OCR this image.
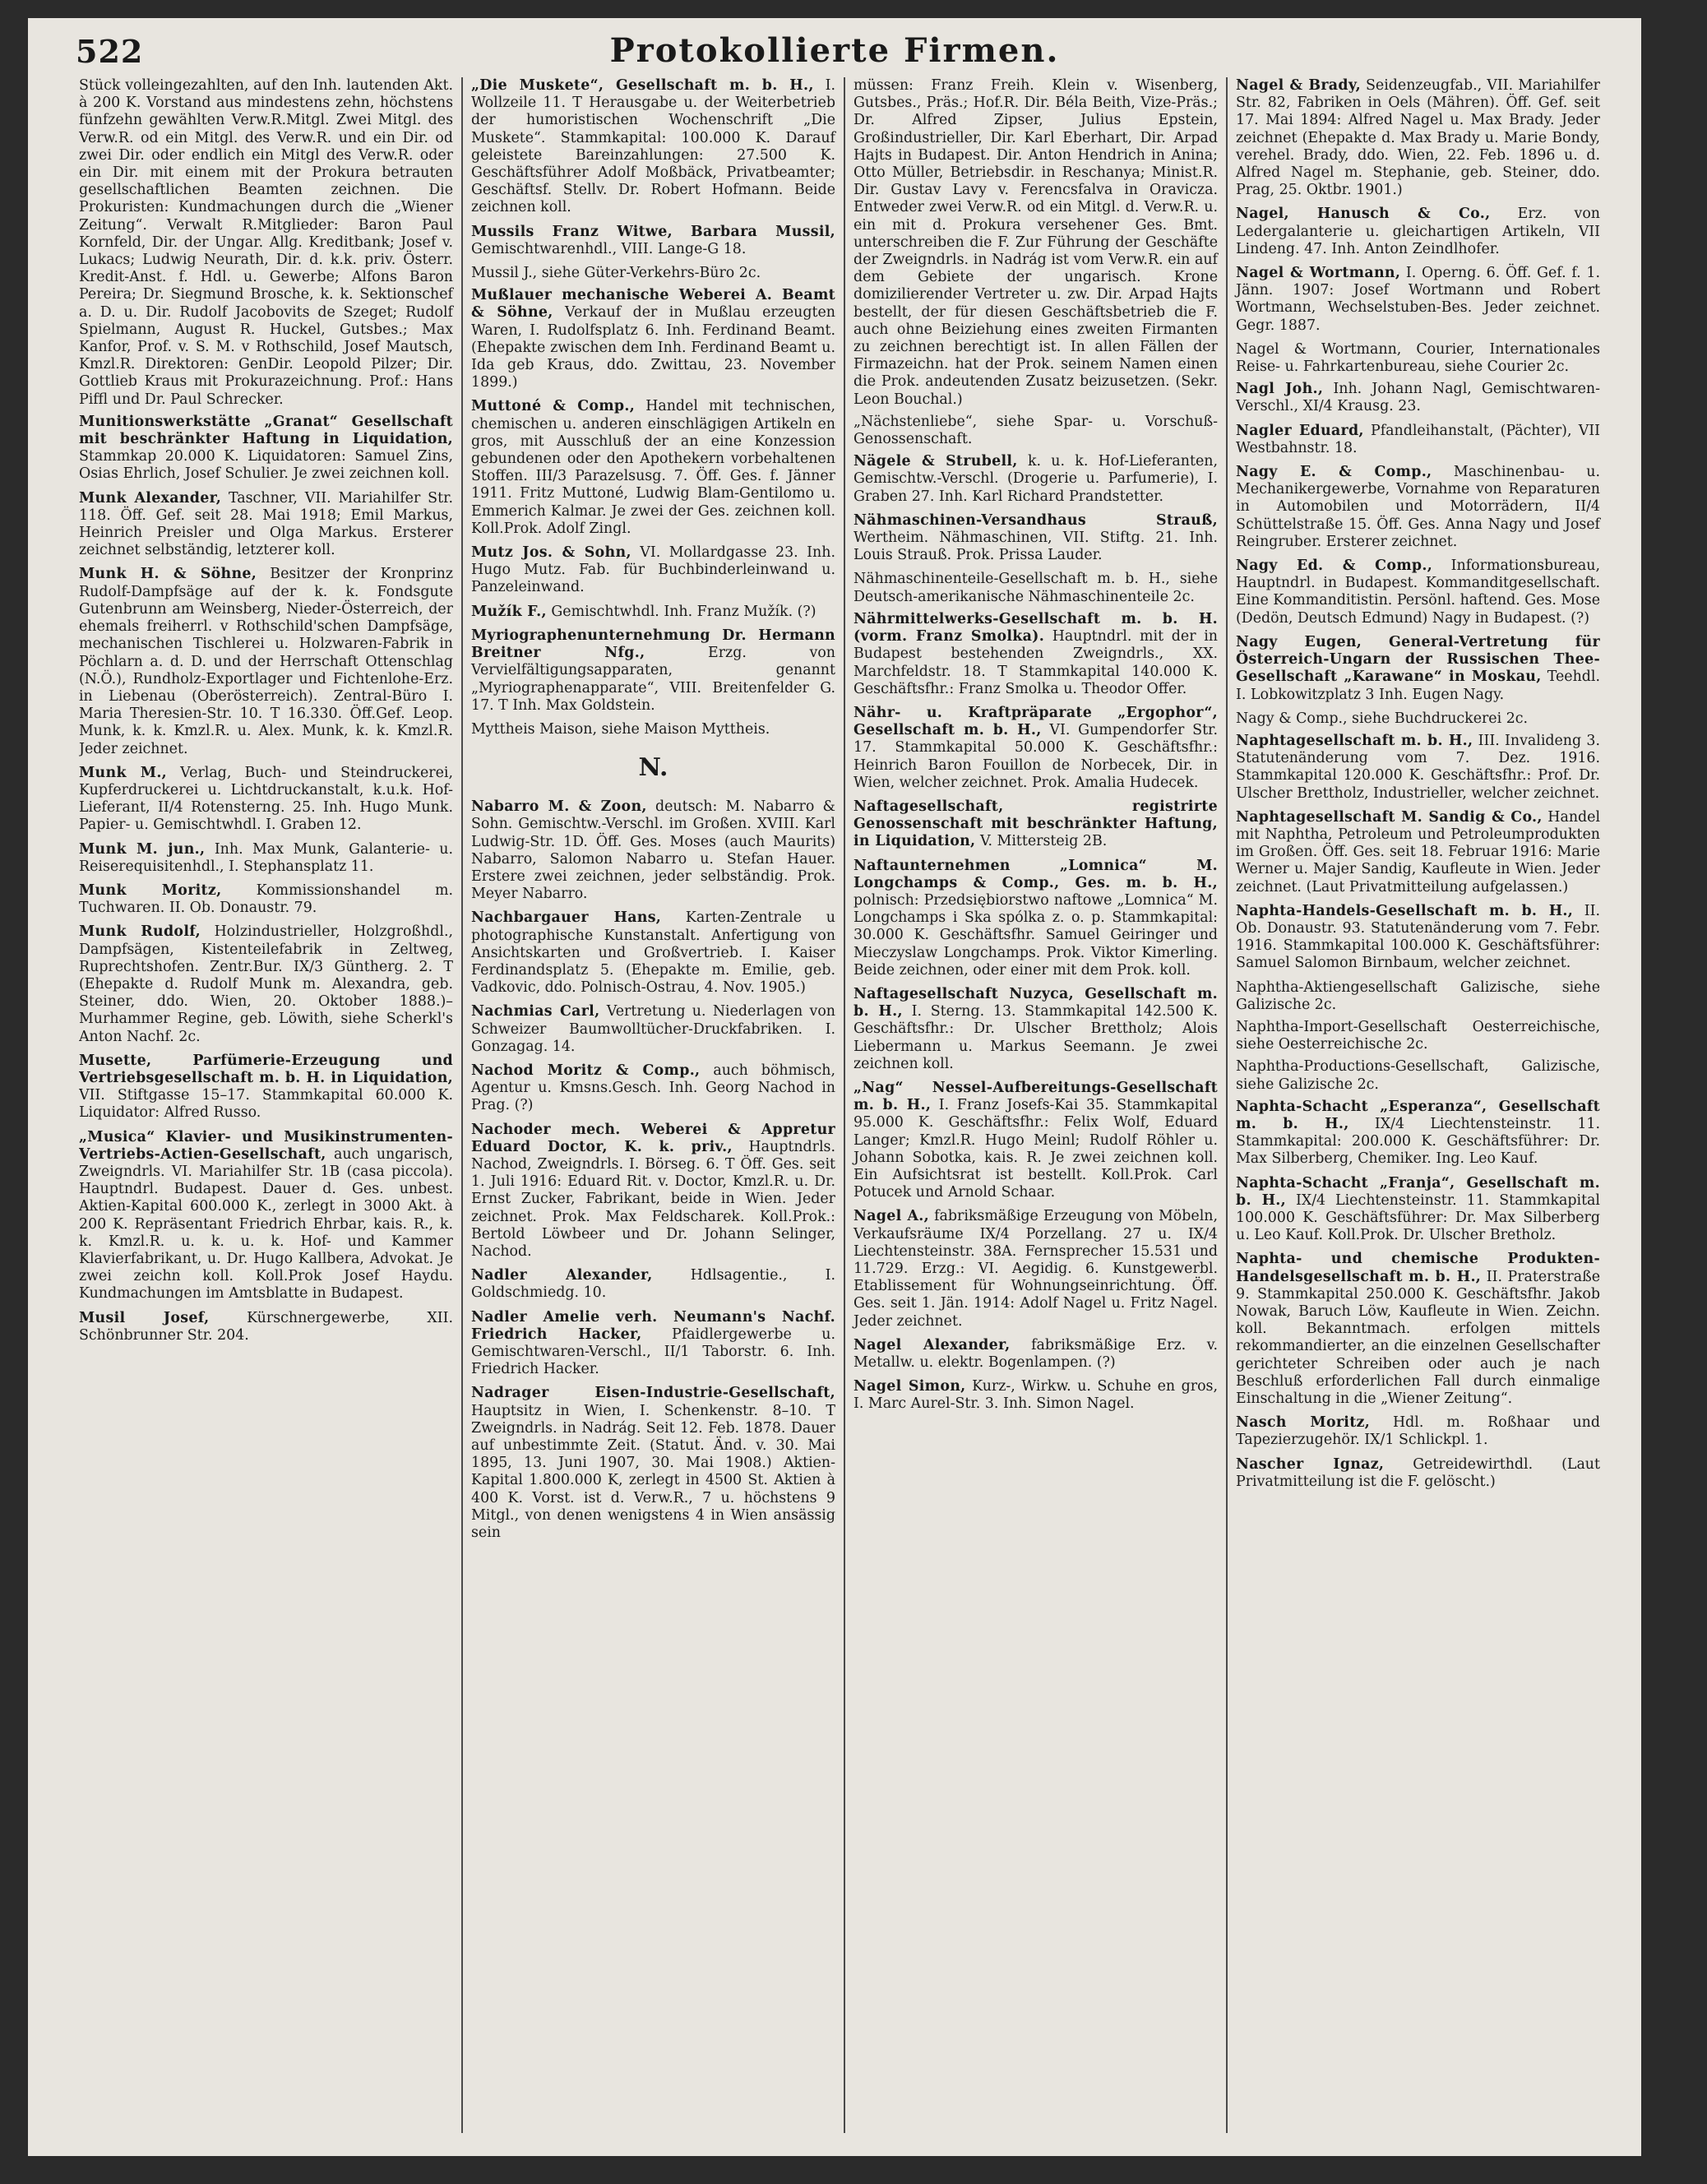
522	Protokollierte Firmen.

Stück volleingezahlten, auf den Inh. lautenden Akt. à 200 K. Vorstand aus mindestens zehn, höchstens fünfzehn gewählten Verw.R.Mitgl. Zwei Mitgl. des Verw.R. od ein Mitgl. des Verw.R. und ein Dir. od zwei Dir. oder endlich ein Mitgl des Verw.R. oder ein Dir. mit einem mit der Prokura betrauten gesellschaftlichen Beamten zeichnen. Die Prokuristen: Kundmachungen durch die „Wiener Zeitung“. Verwalt R.Mitglieder: Baron Paul Kornfeld, Dir. der Ungar. Allg. Kreditbank; Josef v. Lukacs; Ludwig Neurath, Dir. d. k.k. priv. Österr. Kredit-Anst. f. Hdl. u. Gewerbe; Alfons Baron Pereira; Dr. Siegmund Brosche, k. k. Sektionschef a. D. u. Dir. Rudolf Jacobovits de Szeget; Rudolf Spielmann, August R. Huckel, Gutsbes.; Max Kanfor, Prof. v. S. M. v Rothschild, Josef Mautsch, Kmzl.R. Direktoren: GenDir. Leopold Pilzer; Dir. Gottlieb Kraus mit Prokurazeichnung. Prof.: Hans Piffl und Dr. Paul Schrecker.

Munitionswerkstätte „Granat“ Gesellschaft mit beschränkter Haftung in Liquidation, Stammkap 20.000 K. Liquidatoren: Samuel Zins, Osias Ehrlich, Josef Schulier. Je zwei zeichnen koll.

Munk Alexander, Taschner, VII. Mariahilfer Str. 118. Öff. Gef. seit 28. Mai 1918; Emil Markus, Heinrich Preisler und Olga Markus. Ersterer zeichnet selbständig, letzterer koll.

Munk H. & Söhne, Besitzer der Kronprinz Rudolf-Dampfsäge auf der k. k. Fondsgute Gutenbrunn am Weinsberg, Nieder-Österreich, der ehemals freiherrl. v Rothschild'schen Dampfsäge, mechanischen Tischlerei u. Holzwaren-Fabrik in Pöchlarn a. d. D. und der Herrschaft Ottenschlag (N.Ö.), Rundholz-Exportlager und Fichtenlohe-Erz. in Liebenau (Oberösterreich). Zentral-Büro I. Maria Theresien-Str. 10. T 16.330. Öff.Gef. Leop. Munk, k. k. Kmzl.R. u. Alex. Munk, k. k. Kmzl.R. Jeder zeichnet.

Munk M., Verlag, Buch- und Steindruckerei, Kupferdruckerei u. Lichtdruckanstalt, k.u.k. Hof-Lieferant, II/4 Rotensterng. 25. Inh. Hugo Munk. Papier- u. Gemischtwhdl. I. Graben 12.

Munk M. jun., Inh. Max Munk, Galanterie- u. Reiserequisitenhdl., I. Stephansplatz 11.

Munk Moritz, Kommissionshandel m. Tuchwaren. II. Ob. Donaustr. 79.

Munk Rudolf, Holzindustrieller, Holzgroßhdl., Dampfsägen, Kistenteilefabrik in Zeltweg, Ruprechtshofen. Zentr.Bur. IX/3 Güntherg. 2. T (Ehepakte d. Rudolf Munk m. Alexandra, geb. Steiner, ddo. Wien, 20. Oktober 1888.)– Murhammer Regine, geb. Löwith, siehe Scherkl's Anton Nachf. 2c.

Musette, Parfümerie-Erzeugung und Vertriebsgesellschaft m. b. H. in Liquidation, VII. Stiftgasse 15–17. Stammkapital 60.000 K. Liquidator: Alfred Russo.

„Musica“ Klavier- und Musikinstrumenten-Vertriebs-Actien-Gesellschaft, auch ungarisch, Zweigndrls. VI. Mariahilfer Str. 1B (casa piccola). Hauptndrl. Budapest. Dauer d. Ges. unbest. Aktien-Kapital 600.000 K., zerlegt in 3000 Akt. à 200 K. Repräsentant Friedrich Ehrbar, kais. R., k. k. Kmzl.R. u. k. u. k. Hof- und Kammer Klavierfabrikant, u. Dr. Hugo Kallbera, Advokat. Je zwei zeichn koll. Koll.Prok Josef Haydu. Kundmachungen im Amtsblatte in Budapest.

Musil Josef, Kürschnergewerbe, XII. Schönbrunner Str. 204.

„Die Muskete“, Gesellschaft m. b. H., I. Wollzeile 11. T Herausgabe u. der Weiterbetrieb der humoristischen Wochenschrift „Die Muskete“. Stammkapital: 100.000 K. Darauf geleistete Bareinzahlungen: 27.500 K. Geschäftsführer Adolf Moßbäck, Privatbeamter; Geschäftsf. Stellv. Dr. Robert Hofmann. Beide zeichnen koll.

Mussils Franz Witwe, Barbara Mussil, Gemischtwarenhdl., VIII. Lange-G 18.

Mussil J., siehe Güter-Verkehrs-Büro 2c.

Mußlauer mechanische Weberei A. Beamt & Söhne, Verkauf der in Mußlau erzeugten Waren, I. Rudolfsplatz 6. Inh. Ferdinand Beamt. (Ehepakte zwischen dem Inh. Ferdinand Beamt u. Ida geb Kraus, ddo. Zwittau, 23. November 1899.)

Muttoné & Comp., Handel mit technischen, chemischen u. anderen einschlägigen Artikeln en gros, mit Ausschluß der an eine Konzession gebundenen oder den Apothekern vorbehaltenen Stoffen. III/3 Parazelsusg. 7. Öff. Ges. f. Jänner 1911. Fritz Muttoné, Ludwig Blam-Gentilomo u. Emmerich Kalmar. Je zwei der Ges. zeichnen koll. Koll.Prok. Adolf Zingl.

Mutz Jos. & Sohn, VI. Mollardgasse 23. Inh. Hugo Mutz. Fab. für Buchbinderleinwand u. Panzeleinwand.

Mužík F., Gemischtwhdl. Inh. Franz Mužík. (?)

Myriographenunternehmung Dr. Hermann Breitner Nfg., Erzg. von Vervielfältigungsapparaten, genannt „Myriographenapparate“, VIII. Breitenfelder G. 17. T Inh. Max Goldstein.

Myttheis Maison, siehe Maison Myttheis.

N.

Nabarro M. & Zoon, deutsch: M. Nabarro & Sohn. Gemischtw.-Verschl. im Großen. XVIII. Karl Ludwig-Str. 1D. Öff. Ges. Moses (auch Maurits) Nabarro, Salomon Nabarro u. Stefan Hauer. Erstere zwei zeichnen, jeder selbständig. Prok. Meyer Nabarro.

Nachbargauer Hans, Karten-Zentrale u photographische Kunstanstalt. Anfertigung von Ansichtskarten und Großvertrieb. I. Kaiser Ferdinandsplatz 5. (Ehepakte m. Emilie, geb. Vadkovic, ddo. Polnisch-Ostrau, 4. Nov. 1905.)

Nachmias Carl, Vertretung u. Niederlagen von Schweizer Baumwolltücher-Druckfabriken. I. Gonzagag. 14.

Nachod Moritz & Comp., auch böhmisch, Agentur u. Kmsns.Gesch. Inh. Georg Nachod in Prag. (?)

Nachoder mech. Weberei & Appretur Eduard Doctor, K. k. priv., Hauptndrls. Nachod, Zweigndrls. I. Börseg. 6. T Öff. Ges. seit 1. Juli 1916: Eduard Rit. v. Doctor, Kmzl.R. u. Dr. Ernst Zucker, Fabrikant, beide in Wien. Jeder zeichnet. Prok. Max Feldscharek. Koll.Prok.: Bertold Löwbeer und Dr. Johann Selinger, Nachod.

Nadler Alexander, Hdlsagentie., I. Goldschmiedg. 10.

Nadler Amelie verh. Neumann's Nachf. Friedrich Hacker, Pfaidlergewerbe u. Gemischtwaren-Verschl., II/1 Taborstr. 6. Inh. Friedrich Hacker.

Nadrager Eisen-Industrie-Gesellschaft, Hauptsitz in Wien, I. Schenkenstr. 8–10. T Zweigndrls. in Nadrág. Seit 12. Feb. 1878. Dauer auf unbestimmte Zeit. (Statut. Änd. v. 30. Mai 1895, 13. Juni 1907, 30. Mai 1908.) Aktien-Kapital 1.800.000 K, zerlegt in 4500 St. Aktien à 400 K. Vorst. ist d. Verw.R., 7 u. höchstens 9 Mitgl., von denen wenigstens 4 in Wien ansässig sein

müssen: Franz Freih. Klein v. Wisenberg, Gutsbes., Präs.; Hof.R. Dir. Béla Beith, Vize-Präs.; Dr. Alfred Zipser, Julius Epstein, Großindustrieller, Dir. Karl Eberhart, Dir. Arpad Hajts in Budapest. Dir. Anton Hendrich in Anina; Otto Müller, Betriebsdir. in Reschanya; Minist.R. Dir. Gustav Lavy v. Ferencsfalva in Oravicza. Entweder zwei Verw.R. od ein Mitgl. d. Verw.R. u. ein mit d. Prokura versehener Ges. Bmt. unterschreiben die F. Zur Führung der Geschäfte der Zweigndrls. in Nadrág ist vom Verw.R. ein auf dem Gebiete der ungarisch. Krone domizilierender Vertreter u. zw. Dir. Arpad Hajts bestellt, der für diesen Geschäftsbetrieb die F. auch ohne Beiziehung eines zweiten Firmanten zu zeichnen berechtigt ist. In allen Fällen der Firmazeichn. hat der Prok. seinem Namen einen die Prok. andeutenden Zusatz beizusetzen. (Sekr. Leon Bouchal.)

„Nächstenliebe“, siehe Spar- u. Vorschuß-Genossenschaft.

Nägele & Strubell, k. u. k. Hof-Lieferanten, Gemischtw.-Verschl. (Drogerie u. Parfumerie), I. Graben 27. Inh. Karl Richard Prandstetter.

Nähmaschinen-Versandhaus Strauß, Wertheim. Nähmaschinen, VII. Stiftg. 21. Inh. Louis Strauß. Prok. Prissa Lauder.

Nähmaschinenteile-Gesellschaft m. b. H., siehe Deutsch-amerikanische Nähmaschinenteile 2c.

Nährmittelwerks-Gesellschaft m. b. H. (vorm. Franz Smolka). Hauptndrl. mit der in Budapest bestehenden Zweigndrls., XX. Marchfeldstr. 18. T Stammkapital 140.000 K. Geschäftsfhr.: Franz Smolka u. Theodor Offer.

Nähr- u. Kraftpräparate „Ergophor“, Gesellschaft m. b. H., VI. Gumpendorfer Str. 17. Stammkapital 50.000 K. Geschäftsfhr.: Heinrich Baron Fouillon de Norbecek, Dir. in Wien, welcher zeichnet. Prok. Amalia Hudecek.

Naftagesellschaft, registrirte Genossenschaft mit beschränkter Haftung, in Liquidation, V. Mittersteig 2B.

Naftaunternehmen „Lomnica“ M. Longchamps & Comp., Ges. m. b. H., polnisch: Przedsiębiorstwo naftowe „Lomnica“ M. Longchamps i Ska spólka z. o. p. Stammkapital: 30.000 K. Geschäftsfhr. Samuel Geiringer und Mieczyslaw Longchamps. Prok. Viktor Kimerling. Beide zeichnen, oder einer mit dem Prok. koll.

Naftagesellschaft Nuzyca, Gesellschaft m. b. H., I. Sterng. 13. Stammkapital 142.500 K. Geschäftsfhr.: Dr. Ulscher Brettholz; Alois Liebermann u. Markus Seemann. Je zwei zeichnen koll.

„Nag“ Nessel-Aufbereitungs-Gesellschaft m. b. H., I. Franz Josefs-Kai 35. Stammkapital 95.000 K. Geschäftsfhr.: Felix Wolf, Eduard Langer; Kmzl.R. Hugo Meinl; Rudolf Röhler u. Johann Sobotka, kais. R. Je zwei zeichnen koll. Ein Aufsichtsrat ist bestellt. Koll.Prok. Carl Potucek und Arnold Schaar.

Nagel A., fabriksmäßige Erzeugung von Möbeln, Verkaufsräume IX/4 Porzellang. 27 u. IX/4 Liechtensteinstr. 38A. Fernsprecher 15.531 und 11.729. Erzg.: VI. Aegidig. 6. Kunstgewerbl. Etablissement für Wohnungseinrichtung. Öff. Ges. seit 1. Jän. 1914: Adolf Nagel u. Fritz Nagel. Jeder zeichnet.

Nagel Alexander, fabriksmäßige Erz. v. Metallw. u. elektr. Bogenlampen. (?)

Nagel Simon, Kurz-, Wirkw. u. Schuhe en gros, I. Marc Aurel-Str. 3. Inh. Simon Nagel.

Nagel & Brady, Seidenzeugfab., VII. Mariahilfer Str. 82, Fabriken in Oels (Mähren). Öff. Gef. seit 17. Mai 1894: Alfred Nagel u. Max Brady. Jeder zeichnet (Ehepakte d. Max Brady u. Marie Bondy, verehel. Brady, ddo. Wien, 22. Feb. 1896 u. d. Alfred Nagel m. Stephanie, geb. Steiner, ddo. Prag, 25. Oktbr. 1901.)

Nagel, Hanusch & Co., Erz. von Ledergalanterie u. gleichartigen Artikeln, VII Lindeng. 47. Inh. Anton Zeindlhofer.

Nagel & Wortmann, I. Operng. 6. Öff. Gef. f. 1. Jänn. 1907: Josef Wortmann und Robert Wortmann, Wechselstuben-Bes. Jeder zeichnet. Gegr. 1887.

Nagel & Wortmann, Courier, Internationales Reise- u. Fahrkartenbureau, siehe Courier 2c.

Nagl Joh., Inh. Johann Nagl, Gemischtwaren-Verschl., XI/4 Krausg. 23.

Nagler Eduard, Pfandleihanstalt, (Pächter), VII Westbahnstr. 18.

Nagy E. & Comp., Maschinenbau- u. Mechanikergewerbe, Vornahme von Reparaturen in Automobilen und Motorrädern, II/4 Schüttelstraße 15. Öff. Ges. Anna Nagy und Josef Reingruber. Ersterer zeichnet.

Nagy Ed. & Comp., Informationsbureau, Hauptndrl. in Budapest. Kommanditgesellschaft. Eine Kommanditistin. Persönl. haftend. Ges. Mose (Dedön, Deutsch Edmund) Nagy in Budapest. (?)

Nagy Eugen, General-Vertretung für Österreich-Ungarn der Russischen Thee-Gesellschaft „Karawane“ in Moskau, Teehdl. I. Lobkowitzplatz 3 Inh. Eugen Nagy.

Nagy & Comp., siehe Buchdruckerei 2c.

Naphtagesellschaft m. b. H., III. Invalideng 3. Statutenänderung vom 7. Dez. 1916. Stammkapital 120.000 K. Geschäftsfhr.: Prof. Dr. Ulscher Brettholz, Industrieller, welcher zeichnet.

Naphtagesellschaft M. Sandig & Co., Handel mit Naphtha, Petroleum und Petroleumprodukten im Großen. Öff. Ges. seit 18. Februar 1916: Marie Werner u. Majer Sandig, Kaufleute in Wien. Jeder zeichnet. (Laut Privatmitteilung aufgelassen.)

Naphta-Handels-Gesellschaft m. b. H., II. Ob. Donaustr. 93. Statutenänderung vom 7. Febr. 1916. Stammkapital 100.000 K. Geschäftsführer: Samuel Salomon Birnbaum, welcher zeichnet.

Naphtha-Aktiengesellschaft Galizische, siehe Galizische 2c.

Naphtha-Import-Gesellschaft Oesterreichische, siehe Oesterreichische 2c.

Naphtha-Productions-Gesellschaft, Galizische, siehe Galizische 2c.

Naphta-Schacht „Esperanza“, Gesellschaft m. b. H., IX/4 Liechtensteinstr. 11. Stammkapital: 200.000 K. Geschäftsführer: Dr. Max Silberberg, Chemiker. Ing. Leo Kauf.

Naphta-Schacht „Franja“, Gesellschaft m. b. H., IX/4 Liechtensteinstr. 11. Stammkapital 100.000 K. Geschäftsführer: Dr. Max Silberberg u. Leo Kauf. Koll.Prok. Dr. Ulscher Bretholz.

Naphta- und chemische Produkten-Handelsgesellschaft m. b. H., II. Praterstraße 9. Stammkapital 250.000 K. Geschäftsfhr. Jakob Nowak, Baruch Löw, Kaufleute in Wien. Zeichn. koll. Bekanntmach. erfolgen mittels rekommandierter, an die einzelnen Gesellschafter gerichteter Schreiben oder auch je nach Beschluß erforderlichen Fall durch einmalige Einschaltung in die „Wiener Zeitung“.

Nasch Moritz, Hdl. m. Roßhaar und Tapezierzugehör. IX/1 Schlickpl. 1.

Nascher Ignaz, Getreidewirthdl. (Laut Privatmitteilung ist die F. gelöscht.)
